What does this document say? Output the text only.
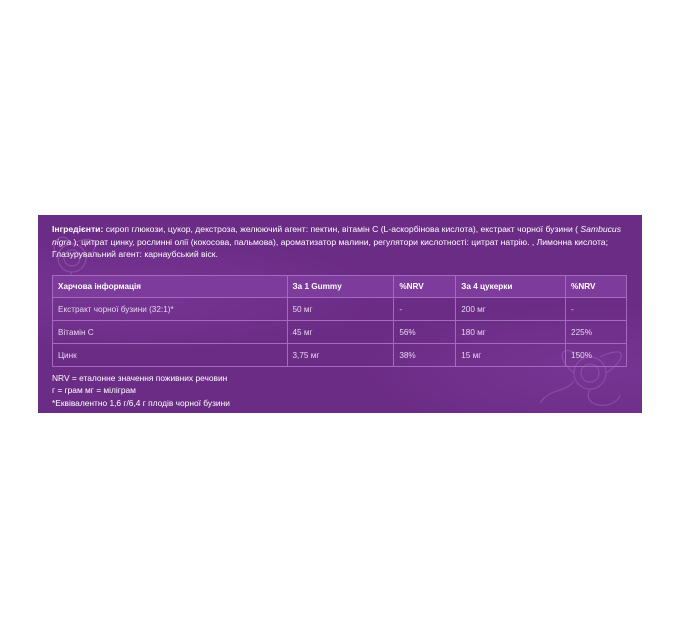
Інгредієнти: сироп глюкози, цукор, декстроза, желюючий агент: пектин, вітамін С (L-аскорбінова кислота), екстракт чорної бузини ( Sambucus nigra ), цитрат цинку, рослинні олії (кокосова, пальмова), ароматизатор малини, регулятори кислотності: цитрат натрію. , Лимонна кислота; Глазурувальний агент: карнаубський віск.
Харчова інформація	За 1 Gummy	%NRV	За 4 цукерки	%NRV
Екстракт чорної бузини (32:1)*	50 мг	-	200 мг	-
Вітамін С	45 мг	56%	180 мг	225%
Цинк	3,75 мг	38%	15 мг	150%
NRV = еталонне значення поживних речовин
г = грам мг = міліграм
*Еквівалентно 1,6 г/6,4 г плодів чорної бузини
